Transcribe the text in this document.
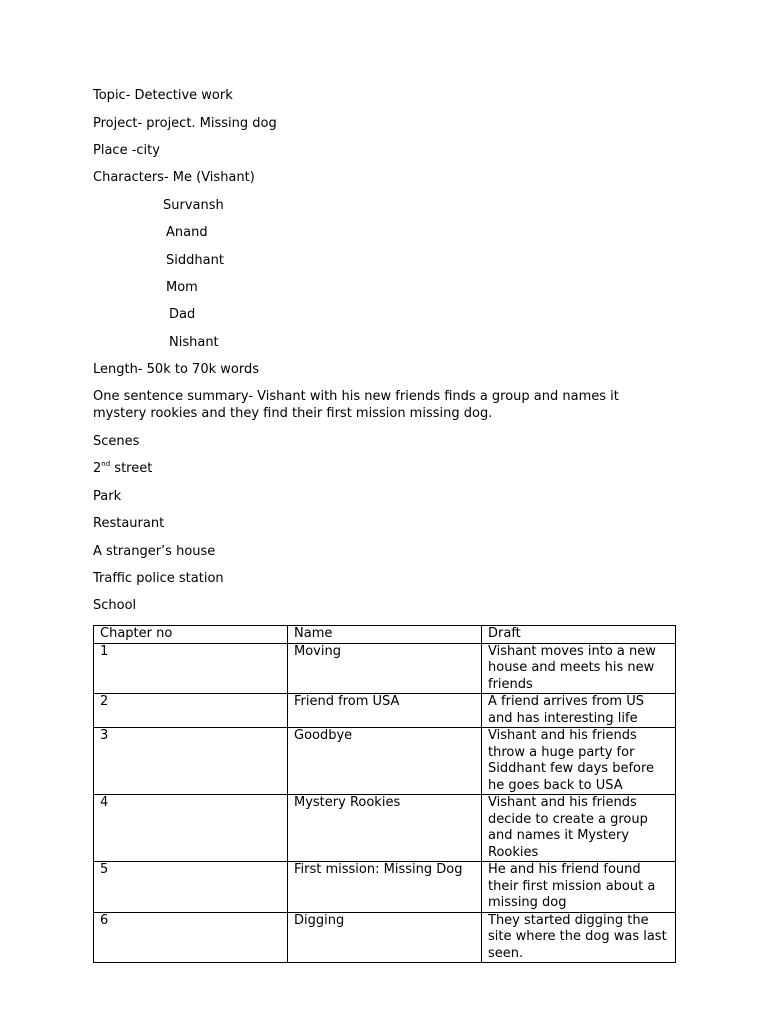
Topic- Detective work
Project- project. Missing dog
Place -city
Characters- Me (Vishant)
Survansh
Anand
Siddhant
Mom
Dad
Nishant
Length- 50k to 70k words
One sentence summary- Vishant with his new friends finds a group and names it mystery rookies and they find their first mission missing dog.
Scenes
2nd street
Park
Restaurant
A stranger’s house
Traffic police station
School
Chapter no	Name	Draft
1	Moving	Vishant moves into a new house and meets his new friends
2	Friend from USA	A friend arrives from US and has interesting life
3	Goodbye	Vishant and his friends throw a huge party for Siddhant few days before he goes back to USA
4	Mystery Rookies	Vishant and his friends decide to create a group and names it Mystery Rookies
5	First mission: Missing Dog	He and his friend found their first mission about a missing dog
6	Digging	They started digging the site where the dog was last seen.
